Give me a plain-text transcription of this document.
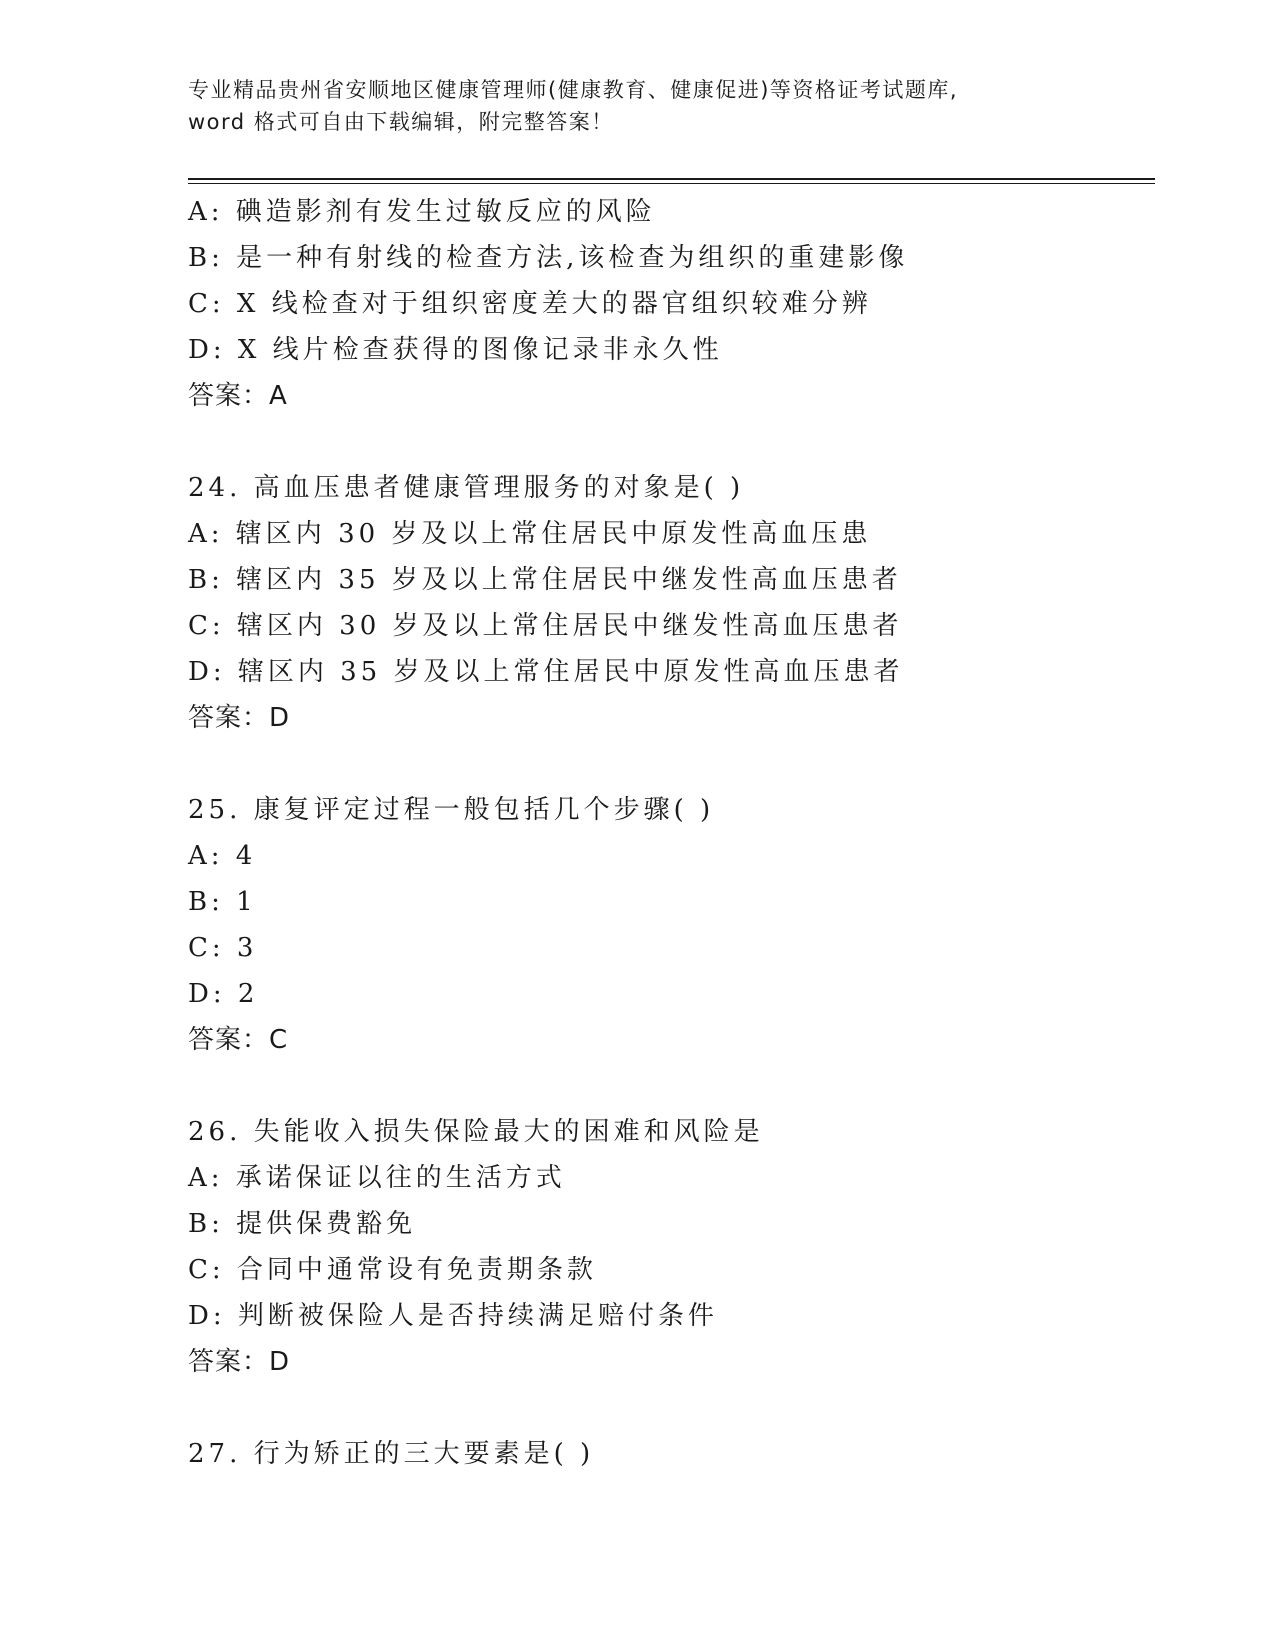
专业精品贵州省安顺地区健康管理师(健康教育、健康促进)等资格证考试题库,
word 格式可自由下载编辑，附完整答案！
A: 碘造影剂有发生过敏反应的风险
B: 是一种有射线的检查方法,该检查为组织的重建影像
C: X 线检查对于组织密度差大的器官组织较难分辨
D: X 线片检查获得的图像记录非永久性
答案：A
24. 高血压患者健康管理服务的对象是( )
A: 辖区内 30 岁及以上常住居民中原发性高血压患
B: 辖区内 35 岁及以上常住居民中继发性高血压患者
C: 辖区内 30 岁及以上常住居民中继发性高血压患者
D: 辖区内 35 岁及以上常住居民中原发性高血压患者
答案：D
25. 康复评定过程一般包括几个步骤( )
A: 4
B: 1
C: 3
D: 2
答案：C
26. 失能收入损失保险最大的困难和风险是
A: 承诺保证以往的生活方式
B: 提供保费豁免
C: 合同中通常设有免责期条款
D: 判断被保险人是否持续满足赔付条件
答案：D
27. 行为矫正的三大要素是( )
